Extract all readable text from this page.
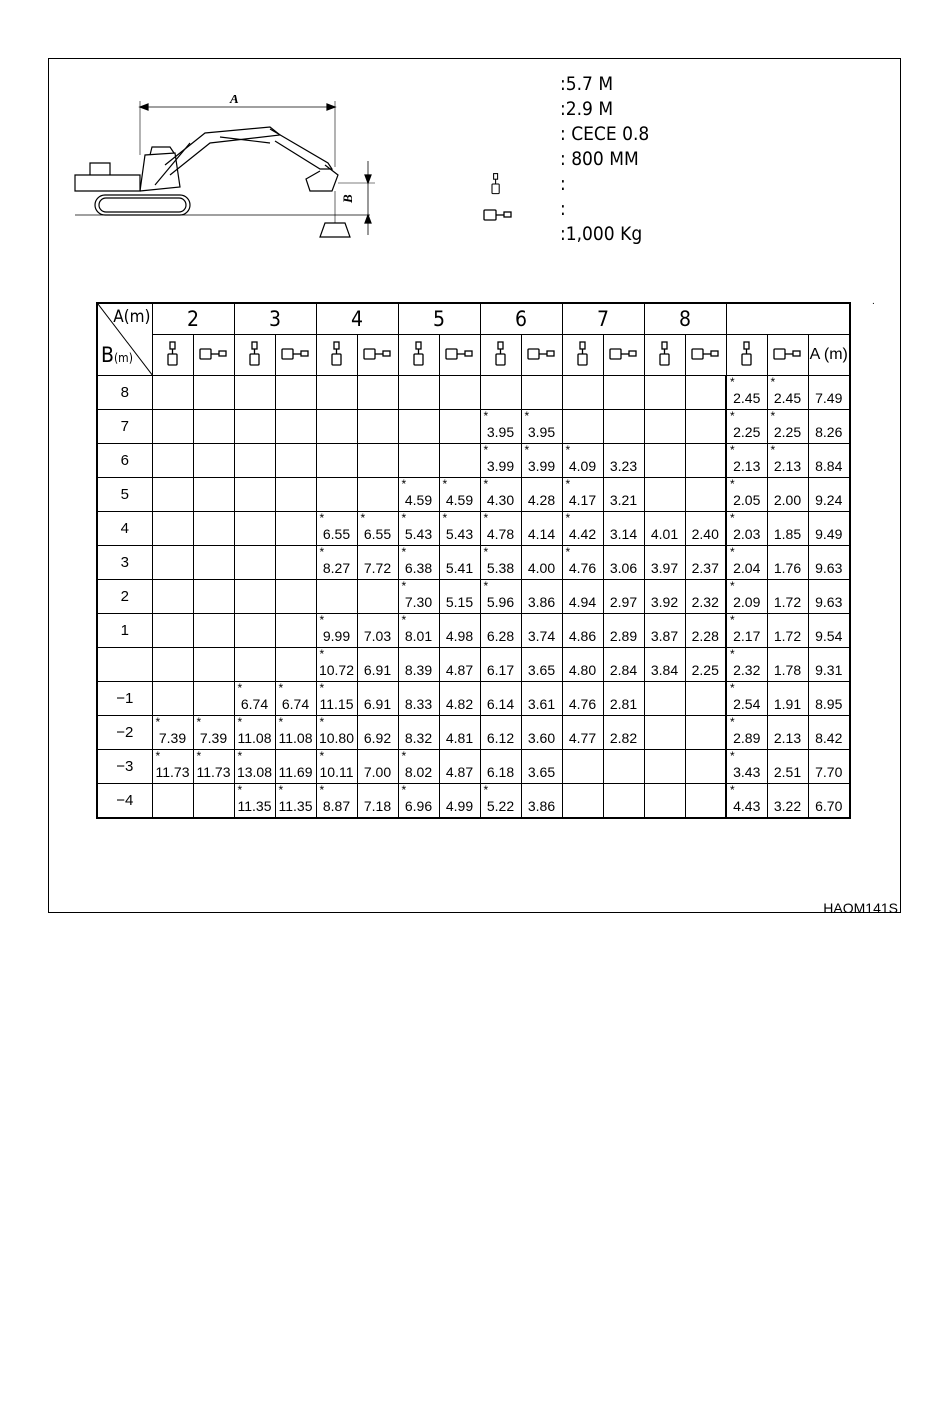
A
B
:5.7 M
:2.9 M
: CECE 0.8
: 800 MM
:
:
:1,000 Kg
A(m)
B(m)	2		3		4		5		6		7		8				
																A (m)
8															* 2.45	* 2.45	7.49
7									* 3.95	* 3.95					* 2.25	* 2.25	8.26
6									* 3.99	* 3.99	* 4.09	3.23			* 2.13	* 2.13	8.84
5							* 4.59	* 4.59	* 4.30	4.28	* 4.17	3.21			* 2.05	2.00	9.24
4					* 6.55	* 6.55	* 5.43	* 5.43	* 4.78	4.14	* 4.42	3.14	4.01	2.40	* 2.03	1.85	9.49
3					* 8.27	7.72	* 6.38	5.41	* 5.38	4.00	* 4.76	3.06	3.97	2.37	* 2.04	1.76	9.63
2							* 7.30	5.15	* 5.96	3.86	4.94	2.97	3.92	2.32	* 2.09	1.72	9.63
1					* 9.99	7.03	* 8.01	4.98	6.28	3.74	4.86	2.89	3.87	2.28	* 2.17	1.72	9.54
					* 10.72	6.91	8.39	4.87	6.17	3.65	4.80	2.84	3.84	2.25	* 2.32	1.78	9.31
−1			* 6.74	* 6.74	* 11.15	6.91	8.33	4.82	6.14	3.61	4.76	2.81			* 2.54	1.91	8.95
−2	* 7.39	* 7.39	* 11.08	* 11.08	* 10.80	6.92	8.32	4.81	6.12	3.60	4.77	2.82			* 2.89	2.13	8.42
−3	* 11.73	* 11.73	* 13.08	11.69	* 10.11	7.00	* 8.02	4.87	6.18	3.65					* 3.43	2.51	7.70
−4			* 11.35	* 11.35	* 8.87	7.18	* 6.96	4.99	* 5.22	3.86					* 4.43	3.22	6.70
.
HAOM141S
